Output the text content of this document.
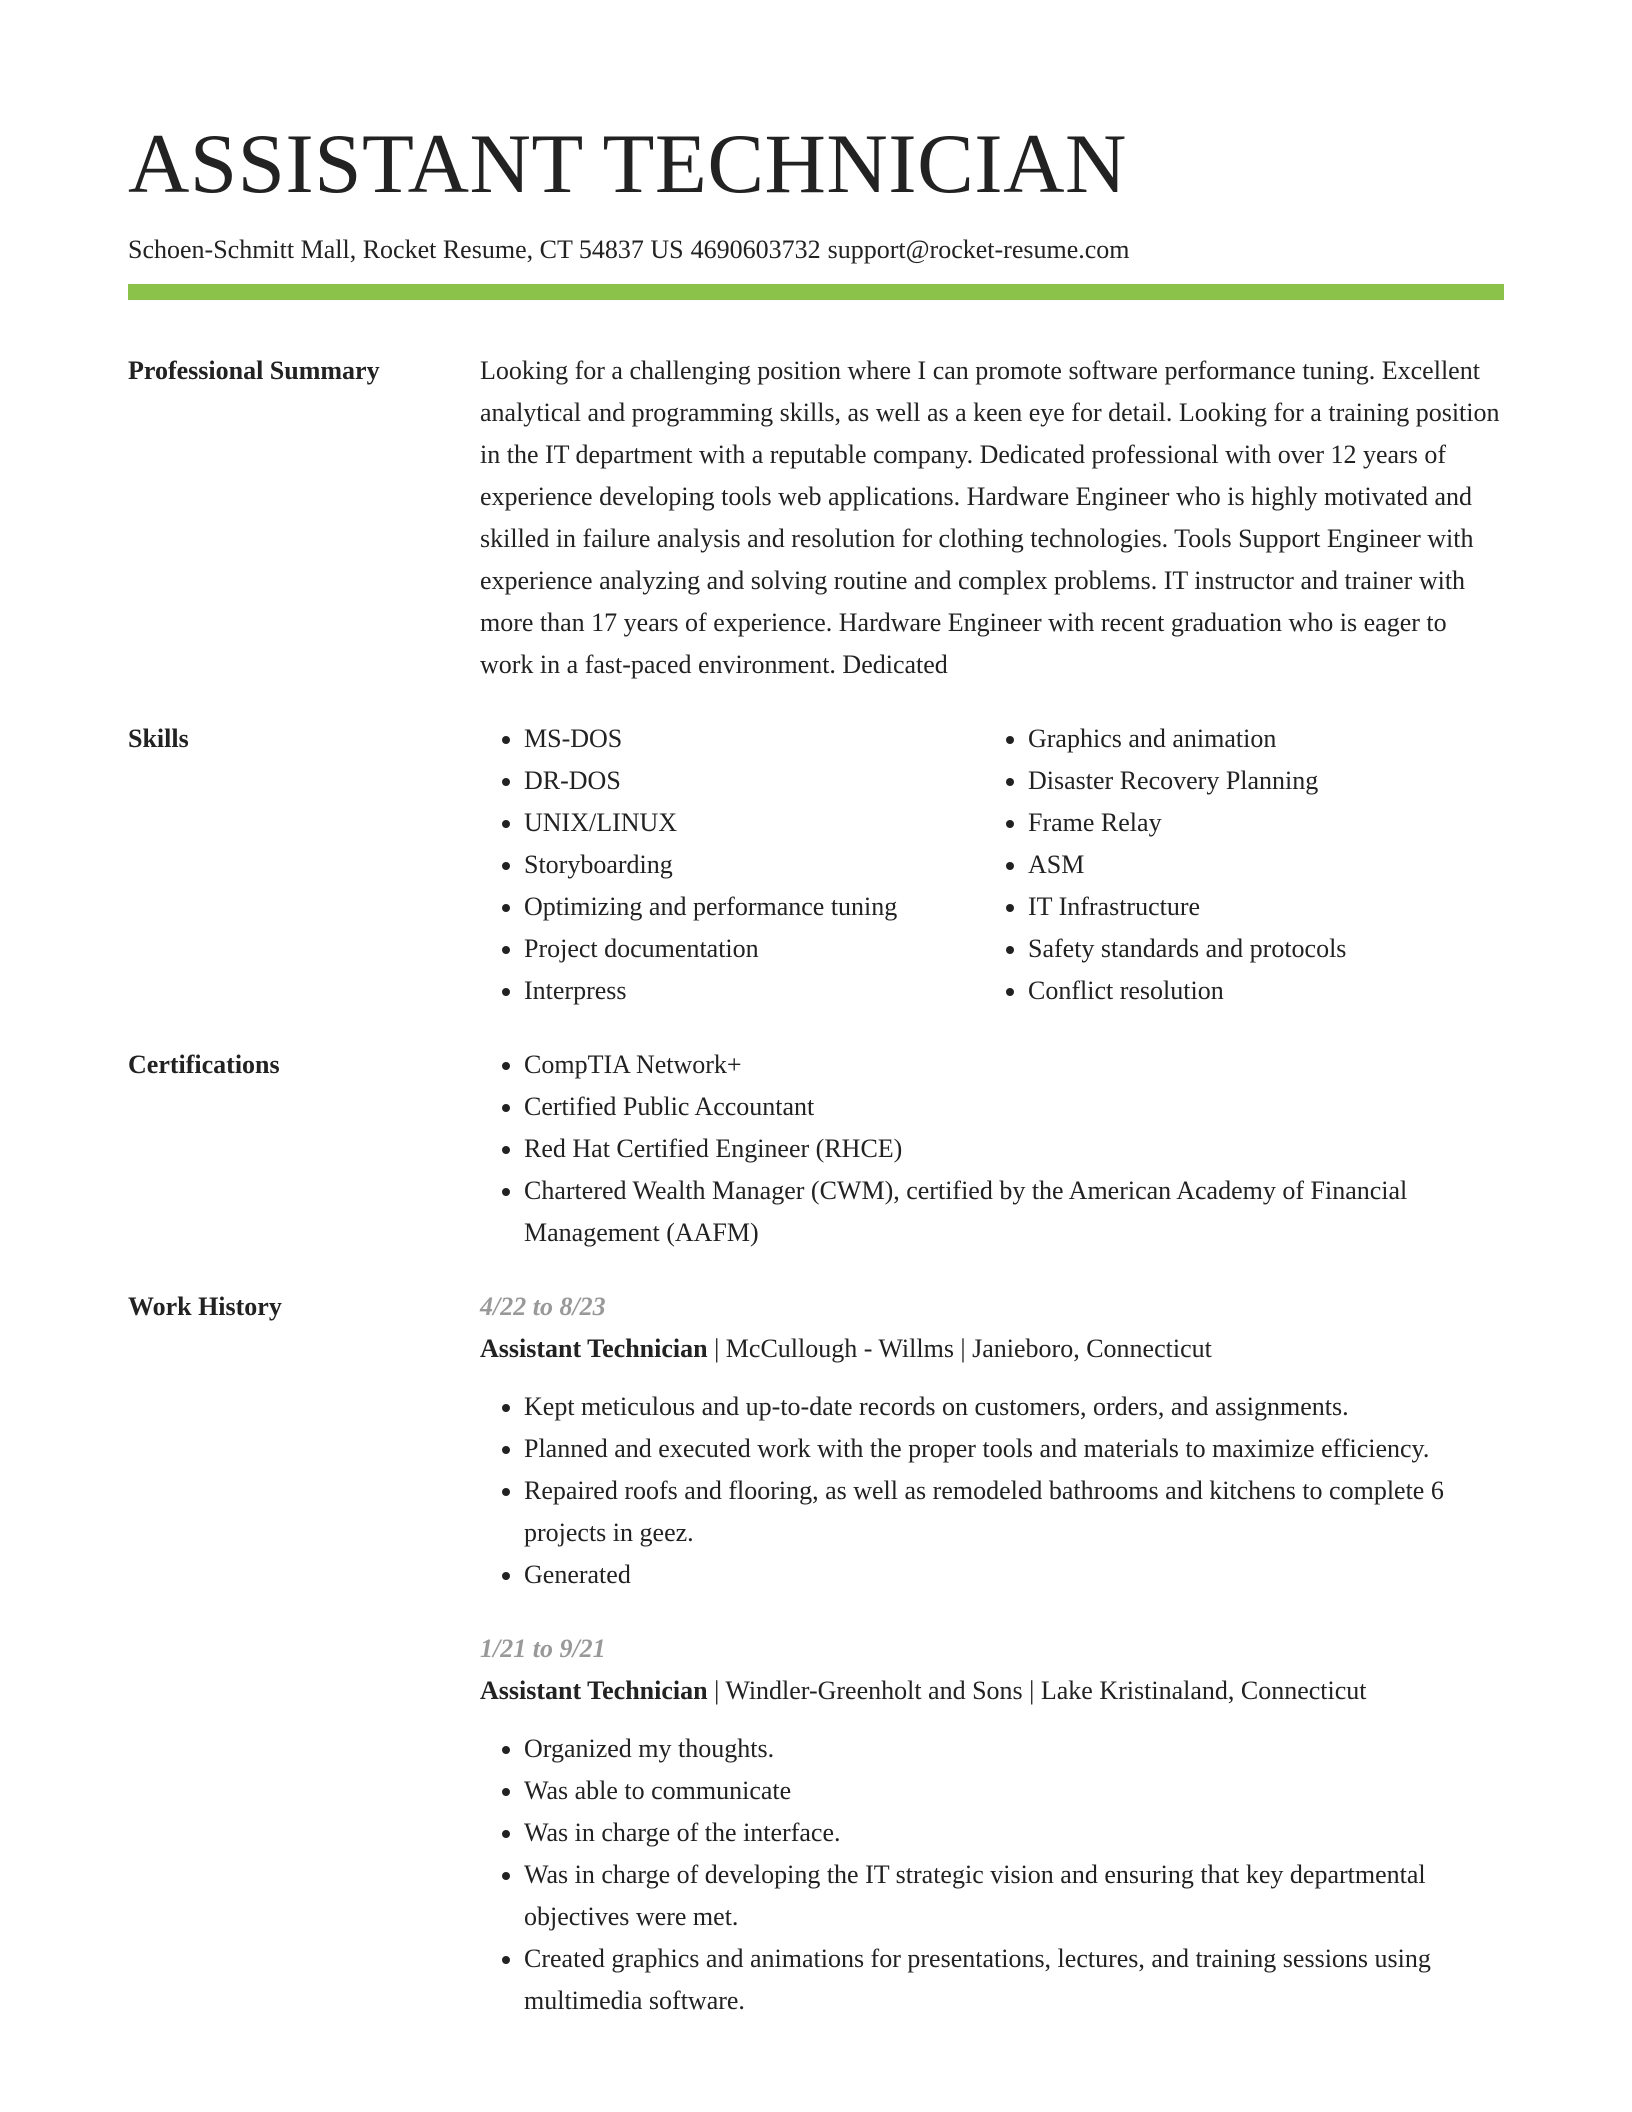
ASSISTANT TECHNICIAN
Schoen-Schmitt Mall, Rocket Resume, CT 54837 US 4690603732 support@rocket-resume.com
Professional Summary	Looking for a challenging position where I can promote software performance tuning. Excellent analytical and programming skills, as well as a keen eye for detail. Looking for a training position in the IT department with a reputable company. Dedicated professional with over 12 years of experience developing tools web applications. Hardware Engineer who is highly motivated and skilled in failure analysis and resolution for clothing technologies. Tools Support Engineer with experience analyzing and solving routine and complex problems. IT instructor and trainer with more than 17 years of experience. Hardware Engineer with recent graduation who is eager to work in a fast-paced environment. Dedicated

Skills	• MS-DOS
• DR-DOS
• UNIX/LINUX
• Storyboarding
• Optimizing and performance tuning
• Project documentation
• Interpress
• Graphics and animation
• Disaster Recovery Planning
• Frame Relay
• ASM
• IT Infrastructure
• Safety standards and protocols
• Conflict resolution
Certifications	• CompTIA Network+
• Certified Public Accountant
• Red Hat Certified Engineer (RHCE)
• Chartered Wealth Manager (CWM), certified by the American Academy of Financial Management (AAFM)
Work History	4/22 to 8/23
Assistant Technician | McCullough - Willms | Janieboro, Connecticut
• Kept meticulous and up-to-date records on customers, orders, and assignments.
• Planned and executed work with the proper tools and materials to maximize efficiency.
• Repaired roofs and flooring, as well as remodeled bathrooms and kitchens to complete 6 projects in geez.
• Generated
1/21 to 9/21
Assistant Technician | Windler-Greenholt and Sons | Lake Kristinaland, Connecticut
• Organized my thoughts.
• Was able to communicate
• Was in charge of the interface.
• Was in charge of developing the IT strategic vision and ensuring that key departmental objectives were met.
• Created graphics and animations for presentations, lectures, and training sessions using multimedia software.
